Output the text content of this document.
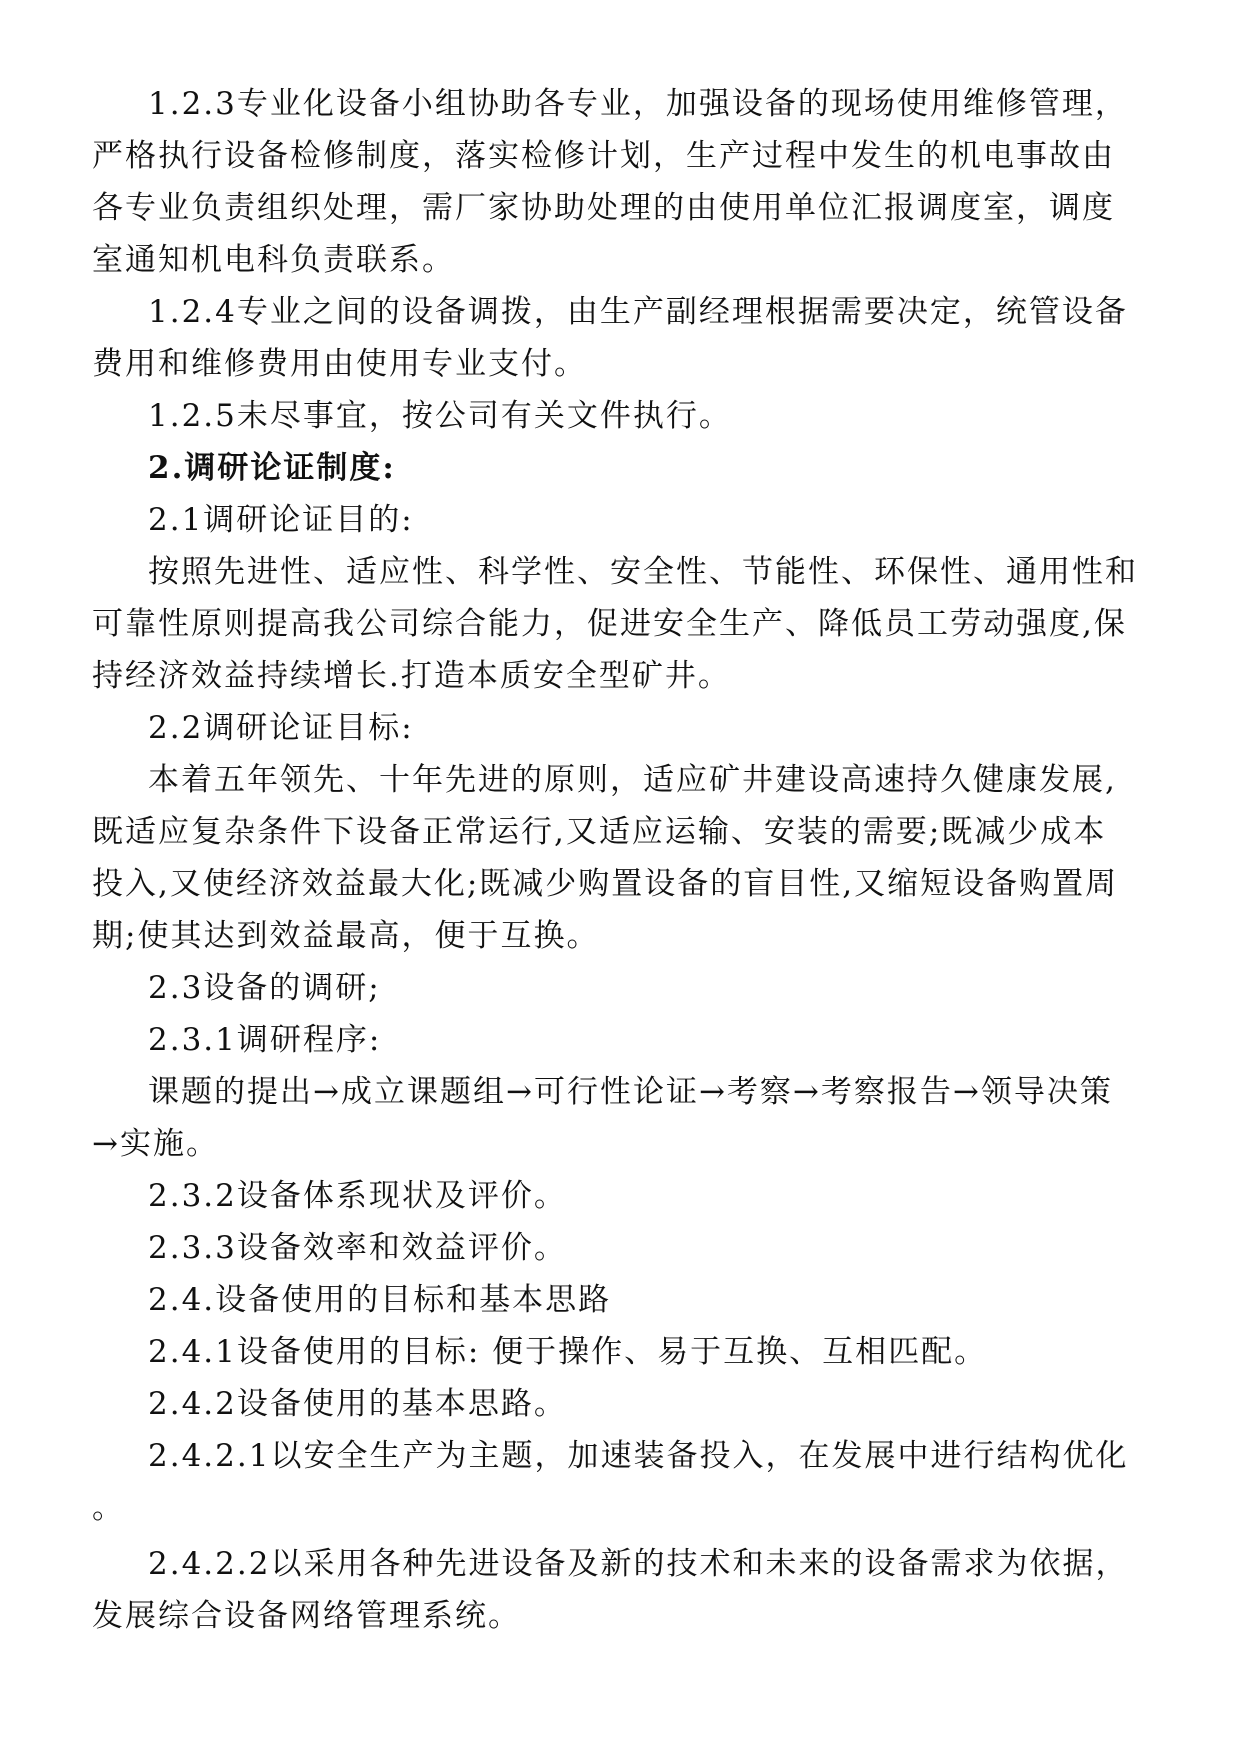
1.2.3专业化设备小组协助各专业，加强设备的现场使用维修管理，
严格执行设备检修制度，落实检修计划，生产过程中发生的机电事故由
各专业负责组织处理，需厂家协助处理的由使用单位汇报调度室，调度
室通知机电科负责联系。
1.2.4专业之间的设备调拨，由生产副经理根据需要决定，统管设备
费用和维修费用由使用专业支付。
1.2.5未尽事宜，按公司有关文件执行。
2.调研论证制度:
2.1调研论证目的:
按照先进性、适应性、科学性、安全性、节能性、环保性、通用性和
可靠性原则提高我公司综合能力，促进安全生产、降低员工劳动强度,保
持经济效益持续增长.打造本质安全型矿井。
2.2调研论证目标:
本着五年领先、十年先进的原则，适应矿井建设高速持久健康发展,
既适应复杂条件下设备正常运行,又适应运输、安装的需要;既减少成本
投入,又使经济效益最大化;既减少购置设备的盲目性,又缩短设备购置周
期;使其达到效益最高，便于互换。
2.3设备的调研;
2.3.1调研程序:
课题的提出→成立课题组→可行性论证→考察→考察报告→领导决策
→实施。
2.3.2设备体系现状及评价。
2.3.3设备效率和效益评价。
2.4.设备使用的目标和基本思路
2.4.1设备使用的目标: 便于操作、易于互换、互相匹配。
2.4.2设备使用的基本思路。
2.4.2.1以安全生产为主题，加速装备投入，在发展中进行结构优化
。
2.4.2.2以采用各种先进设备及新的技术和未来的设备需求为依据，
发展综合设备网络管理系统。
